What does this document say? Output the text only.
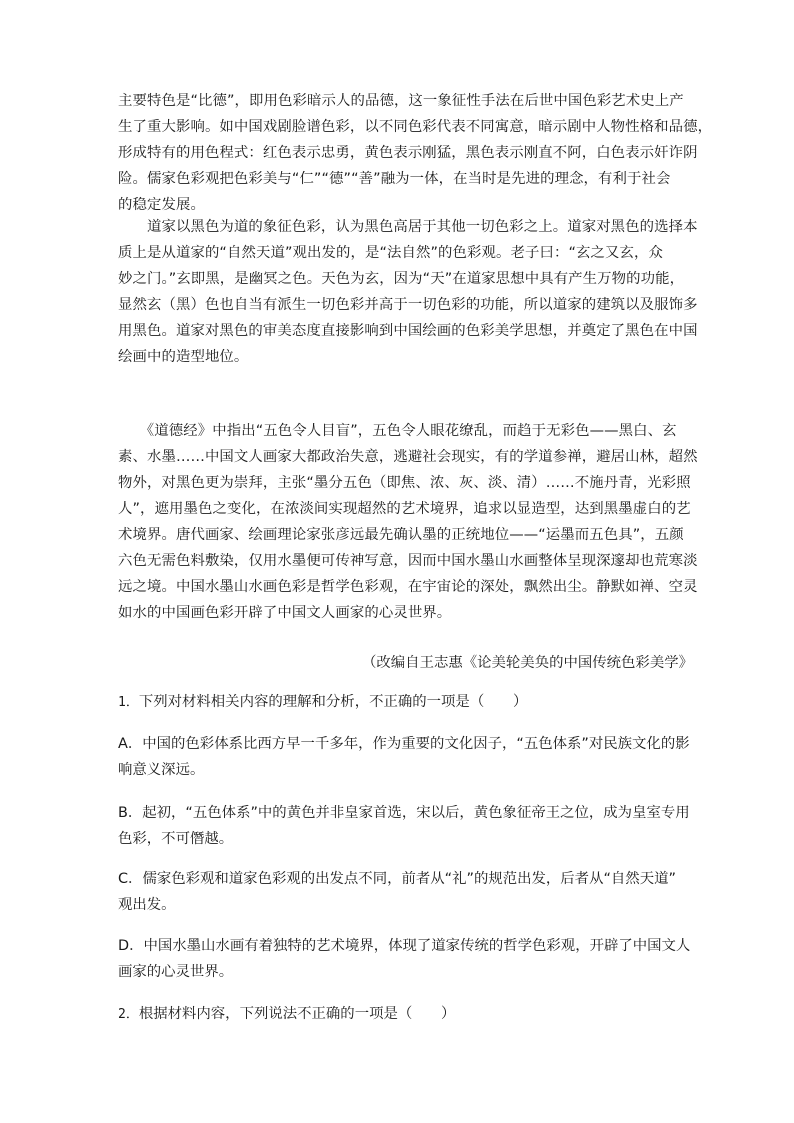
主要特色是“比德”，即用色彩暗示人的品德，这一象征性手法在后世中国色彩艺术史上产
生了重大影响。如中国戏剧脸谱色彩，以不同色彩代表不同寓意，暗示剧中人物性格和品德，
形成特有的用色程式：红色表示忠勇，黄色表示刚猛，黑色表示刚直不阿，白色表示奸诈阴
险。儒家色彩观把色彩美与“仁”“德”“善”融为一体，在当时是先进的理念，有利于社会
的稳定发展。

　　道家以黑色为道的象征色彩，认为黑色高居于其他一切色彩之上。道家对黑色的选择本
质上是从道家的“自然天道”观出发的，是“法自然”的色彩观。老子曰：“玄之又玄，众
妙之门。”玄即黑，是幽冥之色。天色为玄，因为“天”在道家思想中具有产生万物的功能，
显然玄（黑）色也自当有派生一切色彩并高于一切色彩的功能，所以道家的建筑以及服饰多
用黑色。道家对黑色的审美态度直接影响到中国绘画的色彩美学思想，并奠定了黑色在中国
绘画中的造型地位。

　　《道德经》中指出“五色令人目盲”，五色令人眼花缭乱，而趋于无彩色——黑白、玄
素、水墨……中国文人画家大都政治失意，逃避社会现实，有的学道参禅，避居山林，超然
物外，对黑色更为崇拜，主张“墨分五色（即焦、浓、灰、淡、清）……不施丹青，光彩照
人”，遮用墨色之变化，在浓淡间实现超然的艺术境界，追求以显造型，达到黑墨虚白的艺
术境界。唐代画家、绘画理论家张彦远最先确认墨的正统地位——“运墨而五色具”，五颜
六色无需色料敷染，仅用水墨便可传神写意，因而中国水墨山水画整体呈现深邃却也荒寒淡
远之境。中国水墨山水画色彩是哲学色彩观，在宇宙论的深处，飘然出尘。静默如禅、空灵
如水的中国画色彩开辟了中国文人画家的心灵世界。

（改编自王志惠《论美轮美奂的中国传统色彩美学》
1．下列对材料相关内容的理解和分析，不正确的一项是（　　）
A．中国的色彩体系比西方早一千多年，作为重要的文化因子，“五色体系”对民族文化的影
响意义深远。
B．起初，“五色体系”中的黄色并非皇家首选，宋以后，黄色象征帝王之位，成为皇室专用
色彩，不可僭越。
C．儒家色彩观和道家色彩观的出发点不同，前者从“礼”的规范出发，后者从“自然天道”
观出发。
D．中国水墨山水画有着独特的艺术境界，体现了道家传统的哲学色彩观，开辟了中国文人
画家的心灵世界。
2．根据材料内容，下列说法不正确的一项是（　　）
